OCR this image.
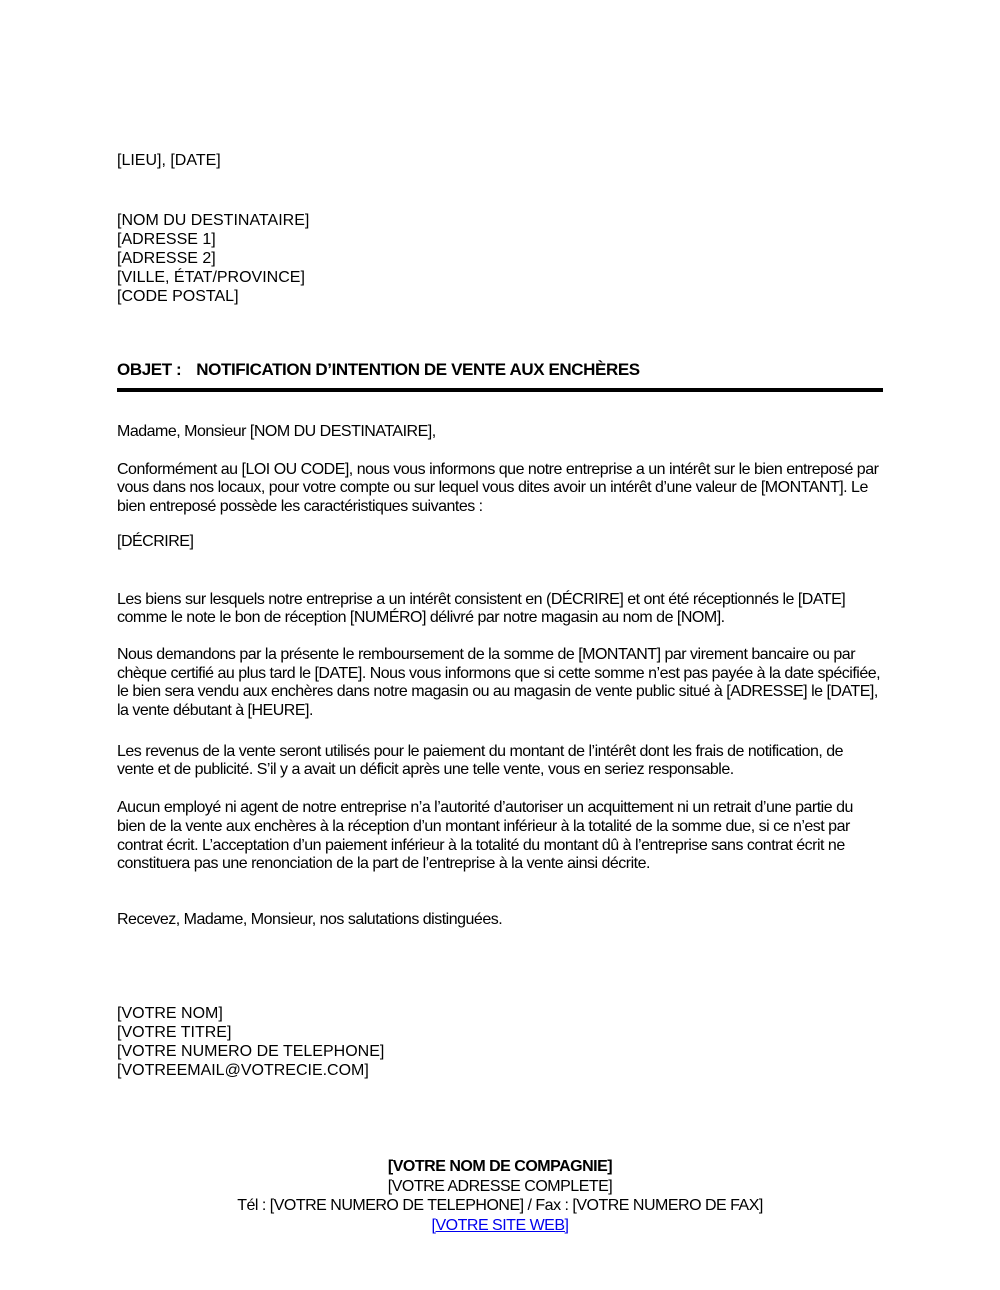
[LIEU], [DATE]
[NOM DU DESTINATAIRE]
[ADRESSE 1]
[ADRESSE 2]
[VILLE, ÉTAT/PROVINCE]
[CODE POSTAL]
OBJET : NOTIFICATION D’INTENTION DE VENTE AUX ENCHÈRES
Madame, Monsieur [NOM DU DESTINATAIRE],
Conformément au [LOI OU CODE], nous vous informons que notre entreprise a un intérêt sur le bien entreposé par vous dans nos locaux, pour votre compte ou sur lequel vous dites avoir un intérêt d’une valeur de [MONTANT]. Le bien entreposé possède les caractéristiques suivantes :
[DÉCRIRE]
Les biens sur lesquels notre entreprise a un intérêt consistent en (DÉCRIRE] et ont été réceptionnés le [DATE] comme le note le bon de réception [NUMÉRO] délivré par notre magasin au nom de [NOM].
Nous demandons par la présente le remboursement de la somme de [MONTANT] par virement bancaire ou par chèque certifié au plus tard le [DATE]. Nous vous informons que si cette somme n’est pas payée à la date spécifiée, le bien sera vendu aux enchères dans notre magasin ou au magasin de vente public situé à [ADRESSE] le [DATE], la vente débutant à [HEURE].
Les revenus de la vente seront utilisés pour le paiement du montant de l’intérêt dont les frais de notification, de vente et de publicité. S’il y a avait un déficit après une telle vente, vous en seriez responsable.
Aucun employé ni agent de notre entreprise n’a l’autorité d’autoriser un acquittement ni un retrait d’une partie du bien de la vente aux enchères à la réception d’un montant inférieur à la totalité de la somme due, si ce n’est par contrat écrit. L’acceptation d’un paiement inférieur à la totalité du montant dû à l’entreprise sans contrat écrit ne constituera pas une renonciation de la part de l’entreprise à la vente ainsi décrite.
Recevez, Madame, Monsieur, nos salutations distinguées.
[VOTRE NOM]
[VOTRE TITRE]
[VOTRE NUMERO DE TELEPHONE]
[VOTREEMAIL@VOTRECIE.COM]
[VOTRE NOM DE COMPAGNIE]
[VOTRE ADRESSE COMPLETE]
Tél : [VOTRE NUMERO DE TELEPHONE] / Fax : [VOTRE NUMERO DE FAX]
[VOTRE SITE WEB]
